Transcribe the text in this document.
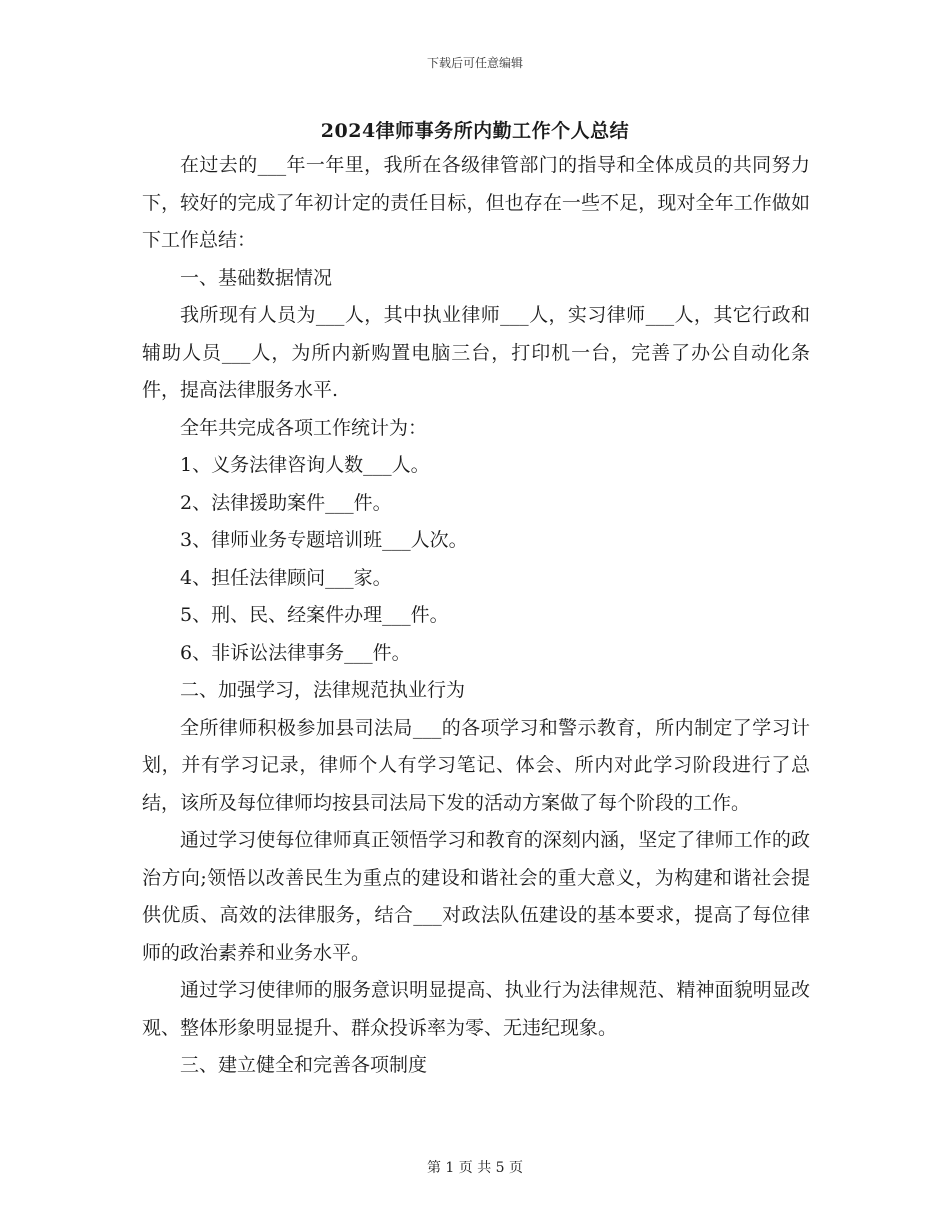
下载后可任意编辑
2024律师事务所内勤工作个人总结

在过去的___年一年里，我所在各级律管部门的指导和全体成员的共同努力下，较好的完成了年初计定的责任目标，但也存在一些不足，现对全年工作做如下工作总结：

一、基础数据情况

我所现有人员为___人，其中执业律师___人，实习律师___人，其它行政和辅助人员___人，为所内新购置电脑三台，打印机一台，完善了办公自动化条件，提高法律服务水平.

全年共完成各项工作统计为：

1、义务法律咨询人数___人。

2、法律援助案件___件。

3、律师业务专题培训班___人次。

4、担任法律顾问___家。

5、刑、民、经案件办理___件。

6、非诉讼法律事务___件。

二、加强学习，法律规范执业行为

全所律师积极参加县司法局___的各项学习和警示教育，所内制定了学习计划，并有学习记录，律师个人有学习笔记、体会、所内对此学习阶段进行了总结，该所及每位律师均按县司法局下发的活动方案做了每个阶段的工作。

通过学习使每位律师真正领悟学习和教育的深刻内涵，坚定了律师工作的政治方向;领悟以改善民生为重点的建设和谐社会的重大意义，为构建和谐社会提供优质、高效的法律服务，结合___对政法队伍建设的基本要求，提高了每位律师的政治素养和业务水平。

通过学习使律师的服务意识明显提高、执业行为法律规范、精神面貌明显改观、整体形象明显提升、群众投诉率为零、无违纪现象。

三、建立健全和完善各项制度

第 1 页 共 5 页
